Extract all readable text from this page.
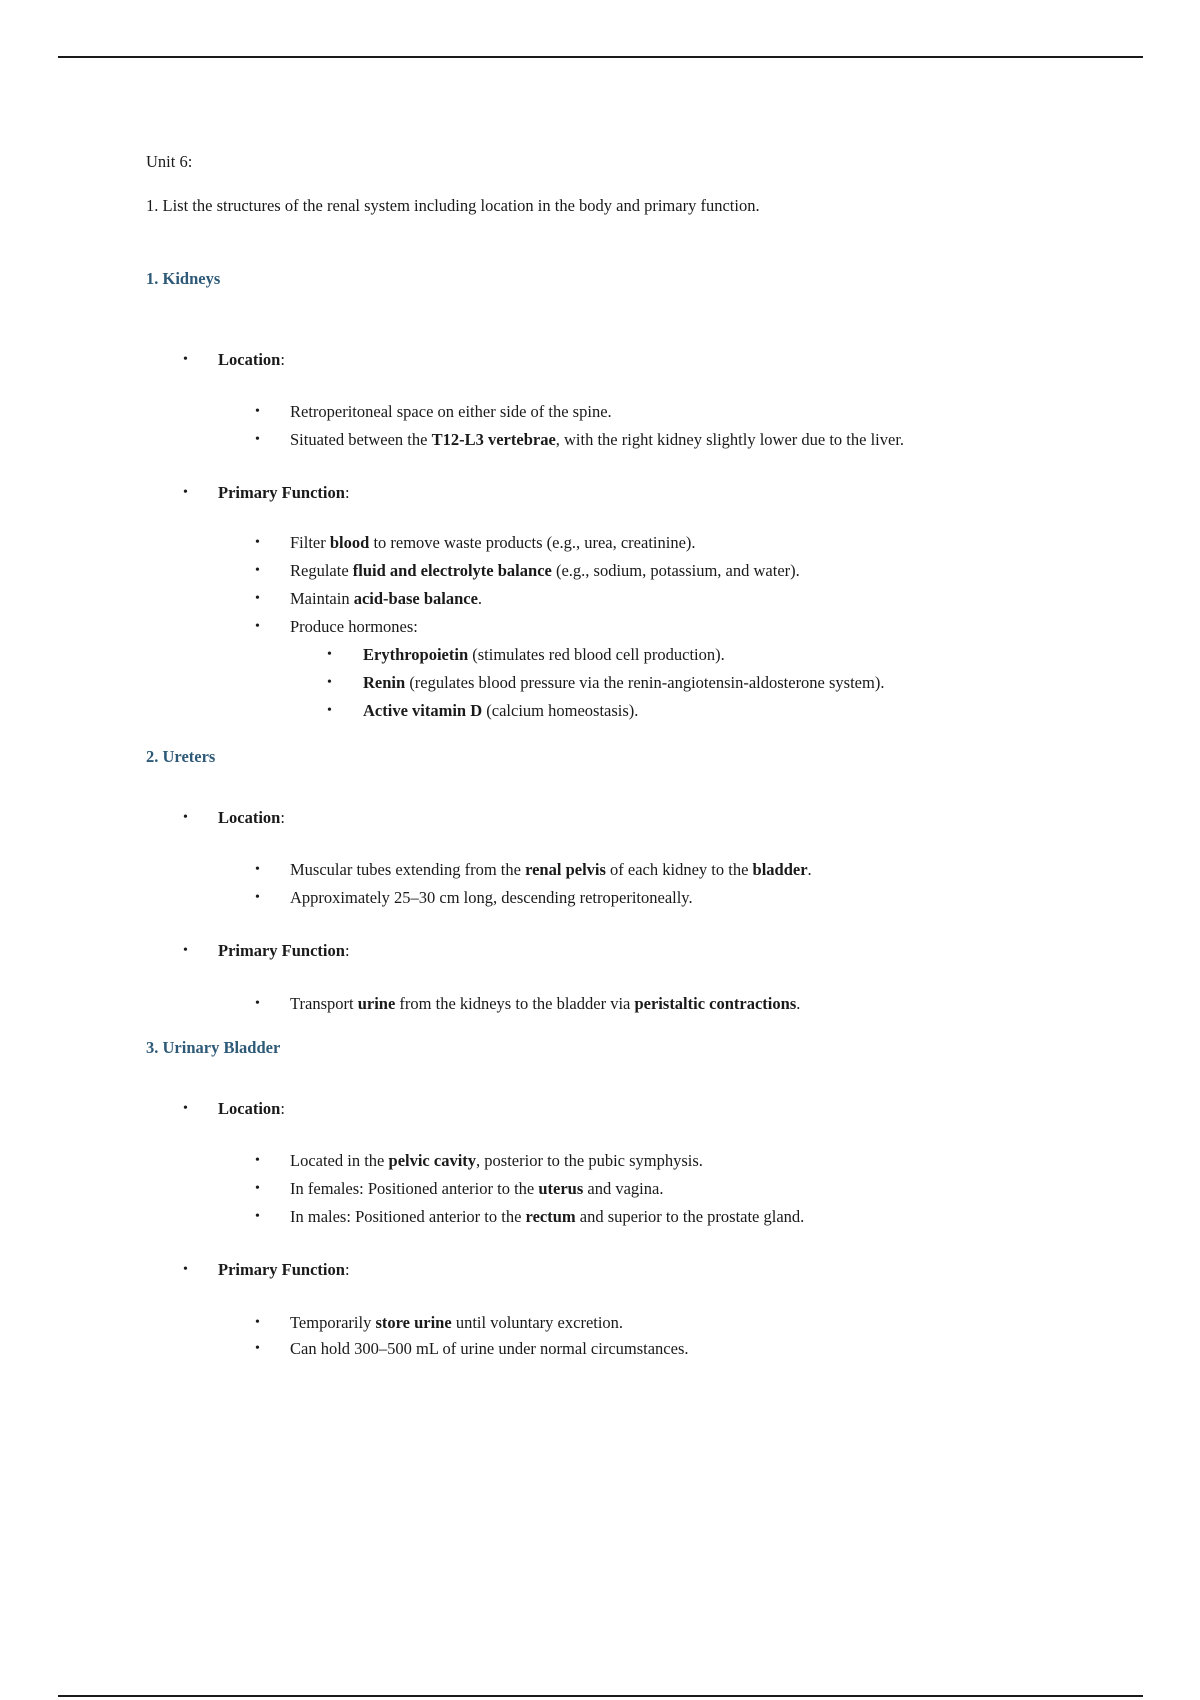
Unit 6:
1. List the structures of the renal system including location in the body and primary function.
1. Kidneys
• Location:
• Retroperitoneal space on either side of the spine.
• Situated between the T12-L3 vertebrae, with the right kidney slightly lower due to the liver.
• Primary Function:
• Filter blood to remove waste products (e.g., urea, creatinine).
• Regulate fluid and electrolyte balance (e.g., sodium, potassium, and water).
• Maintain acid-base balance.
• Produce hormones:
• Erythropoietin (stimulates red blood cell production).
• Renin (regulates blood pressure via the renin-angiotensin-aldosterone system).
• Active vitamin D (calcium homeostasis).
2. Ureters
• Location:
• Muscular tubes extending from the renal pelvis of each kidney to the bladder.
• Approximately 25–30 cm long, descending retroperitoneally.
• Primary Function:
• Transport urine from the kidneys to the bladder via peristaltic contractions.
3. Urinary Bladder
• Location:
• Located in the pelvic cavity, posterior to the pubic symphysis.
• In females: Positioned anterior to the uterus and vagina.
• In males: Positioned anterior to the rectum and superior to the prostate gland.
• Primary Function:
• Temporarily store urine until voluntary excretion.
• Can hold 300–500 mL of urine under normal circumstances.
